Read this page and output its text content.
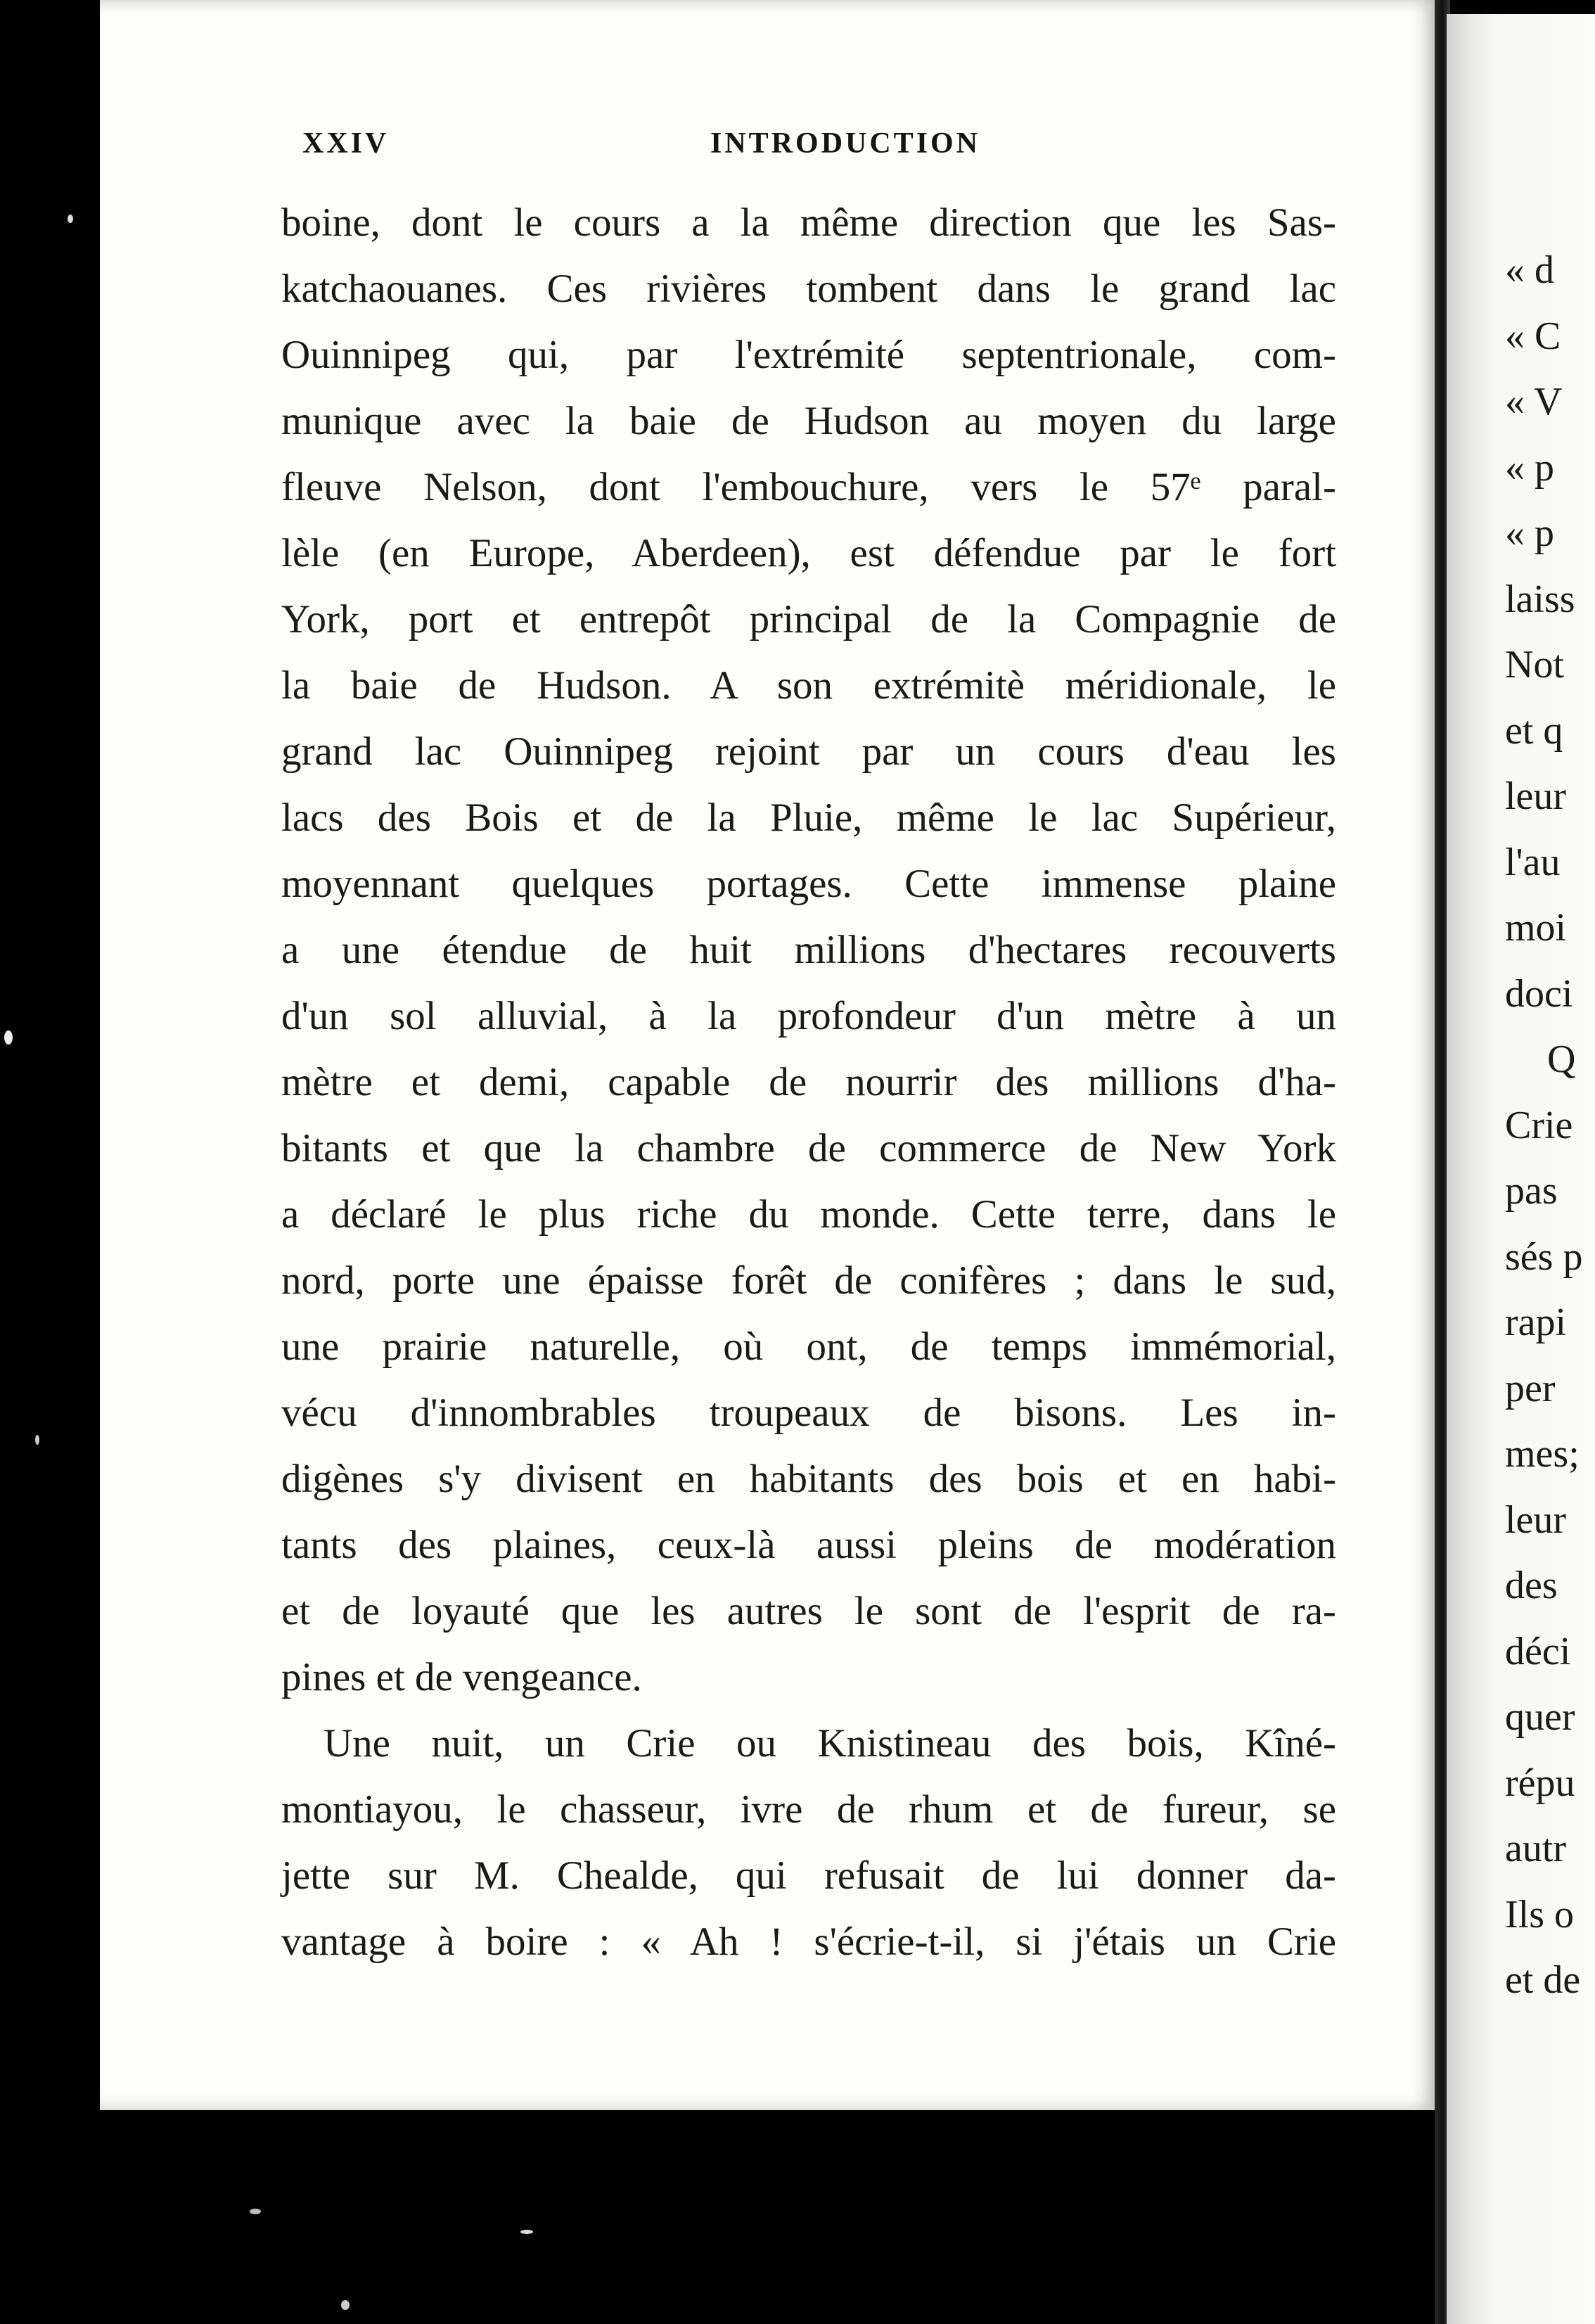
XXIV	INTRODUCTION
boine, dont le cours a la même direction que les Sas-
katchaouanes. Ces rivières tombent dans le grand lac
Ouinnipeg qui, par l'extrémité septentrionale, com-
munique avec la baie de Hudson au moyen du large
fleuve Nelson, dont l'embouchure, vers le 57ᵉ paral-
lèle (en Europe, Aberdeen), est défendue par le fort
York, port et entrepôt principal de la Compagnie de
la baie de Hudson. A son extrémitè méridionale, le
grand lac Ouinnipeg rejoint par un cours d'eau les
lacs des Bois et de la Pluie, même le lac Supérieur,
moyennant quelques portages. Cette immense plaine
a une étendue de huit millions d'hectares recouverts
d'un sol alluvial, à la profondeur d'un mètre à un
mètre et demi, capable de nourrir des millions d'ha-
bitants et que la chambre de commerce de New York
a déclaré le plus riche du monde. Cette terre, dans le
nord, porte une épaisse forêt de conifères ; dans le sud,
une prairie naturelle, où ont, de temps immémorial,
vécu d'innombrables troupeaux de bisons. Les in-
digènes s'y divisent en habitants des bois et en habi-
tants des plaines, ceux-là aussi pleins de modération
et de loyauté que les autres le sont de l'esprit de ra-
pines et de vengeance.
Une nuit, un Crie ou Knistineau des bois, Kîné-
montiayou, le chasseur, ivre de rhum et de fureur, se
jette sur M. Chealde, qui refusait de lui donner da-
vantage à boire : « Ah ! s'écrie-t-il, si j'étais un Crie
« d
« C
« V
« p
« p
laiss
Not
et q
leur
l'au
moi
doci
Q
Crie
pas
sés p
rapi
per
mes;
leur
des
déci
quer
répu
autr
Ils o
et de
